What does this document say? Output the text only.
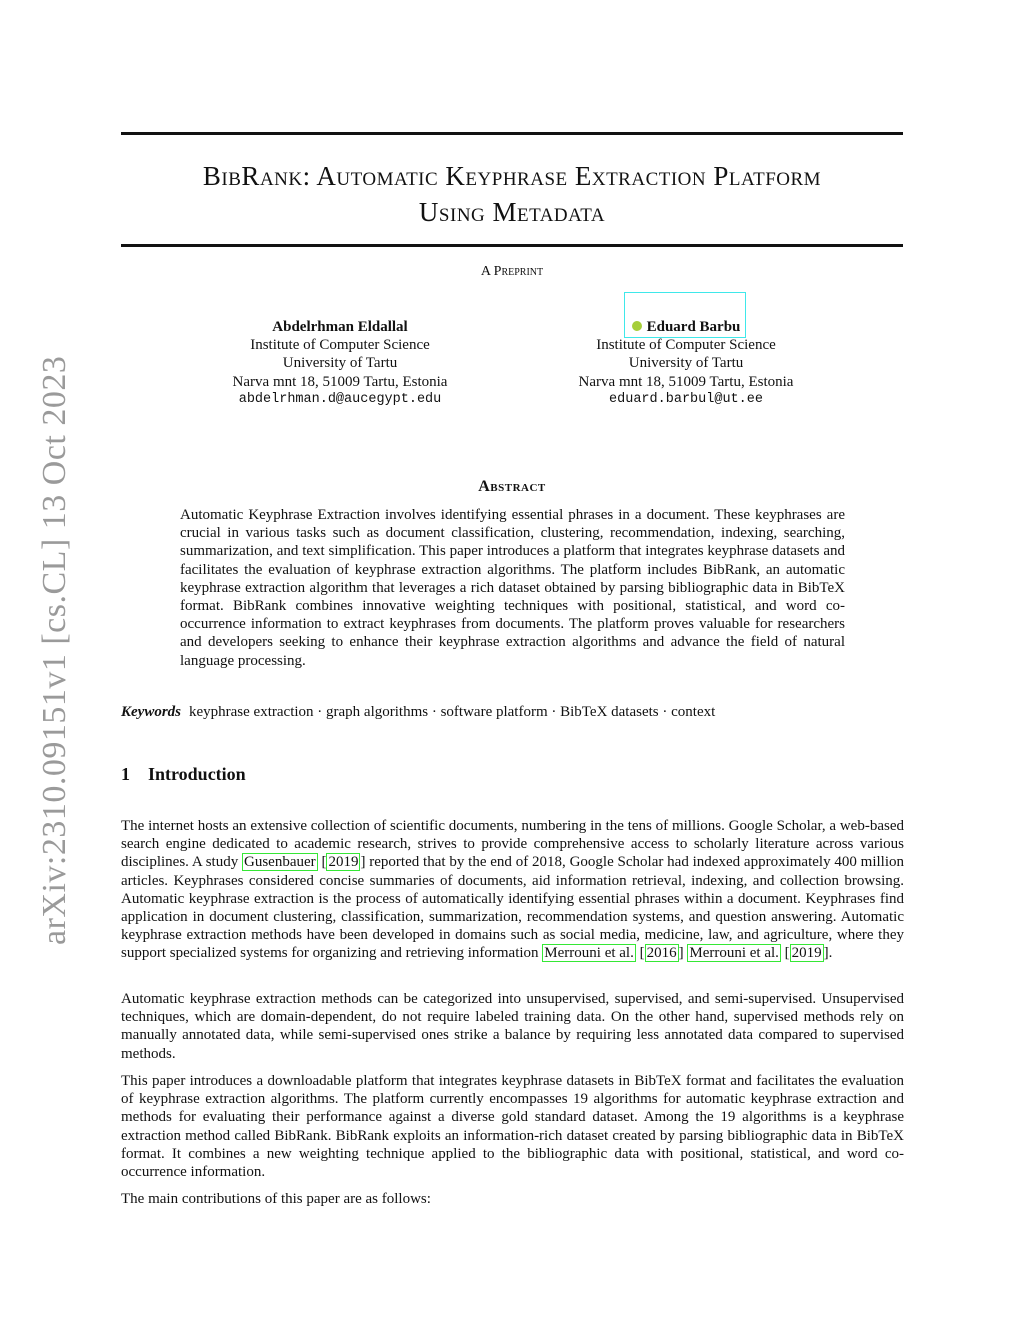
arXiv:2310.09151v1 [cs.CL] 13 Oct 2023
BibRank: Automatic Keyphrase Extraction Platform
Using Metadata
A Preprint
Abdelrhman Eldallal
Institute of Computer Science
University of Tartu
Narva mnt 18, 51009 Tartu, Estonia
abdelrhman.d@aucegypt.edu
Eduard Barbu
Institute of Computer Science
University of Tartu
Narva mnt 18, 51009 Tartu, Estonia
eduard.barbul@ut.ee
Abstract
Automatic Keyphrase Extraction involves identifying essential phrases in a document. These keyphrases are crucial in various tasks such as document classification, clustering, recommendation, indexing, searching, summarization, and text simplification. This paper introduces a platform that integrates keyphrase datasets and facilitates the evaluation of keyphrase extraction algorithms. The platform includes BibRank, an automatic keyphrase extraction algorithm that leverages a rich dataset obtained by parsing bibliographic data in BibTeX format. BibRank combines innovative weighting techniques with positional, statistical, and word co-occurrence information to extract keyphrases from documents. The platform proves valuable for researchers and developers seeking to enhance their keyphrase extraction algorithms and advance the field of natural language processing.
Keywords keyphrase extraction · graph algorithms · software platform · BibTeX datasets · context
1 Introduction
The internet hosts an extensive collection of scientific documents, numbering in the tens of millions. Google Scholar, a web-based search engine dedicated to academic research, strives to provide comprehensive access to scholarly literature across various disciplines. A study Gusenbauer [ 2019 ] reported that by the end of 2018, Google Scholar had indexed approximately 400 million articles. Keyphrases considered concise summaries of documents, aid information retrieval, indexing, and collection browsing. Automatic keyphrase extraction is the process of automatically identifying essential phrases within a document. Keyphrases find application in document clustering, classification, summarization, recommendation systems, and question answering. Automatic keyphrase extraction methods have been developed in domains such as social media, medicine, law, and agriculture, where they support specialized systems for organizing and retrieving information Merrouni et al. [ 2016 ] Merrouni et al. [ 2019 ].
Automatic keyphrase extraction methods can be categorized into unsupervised, supervised, and semi-supervised. Unsupervised techniques, which are domain-dependent, do not require labeled training data. On the other hand, supervised methods rely on manually annotated data, while semi-supervised ones strike a balance by requiring less annotated data compared to supervised methods.
This paper introduces a downloadable platform that integrates keyphrase datasets in BibTeX format and facilitates the evaluation of keyphrase extraction algorithms. The platform currently encompasses 19 algorithms for automatic keyphrase extraction and methods for evaluating their performance against a diverse gold standard dataset. Among the 19 algorithms is a keyphrase extraction method called BibRank. BibRank exploits an information-rich dataset created by parsing bibliographic data in BibTeX format. It combines a new weighting technique applied to the bibliographic data with positional, statistical, and word co-occurrence information.
The main contributions of this paper are as follows:
